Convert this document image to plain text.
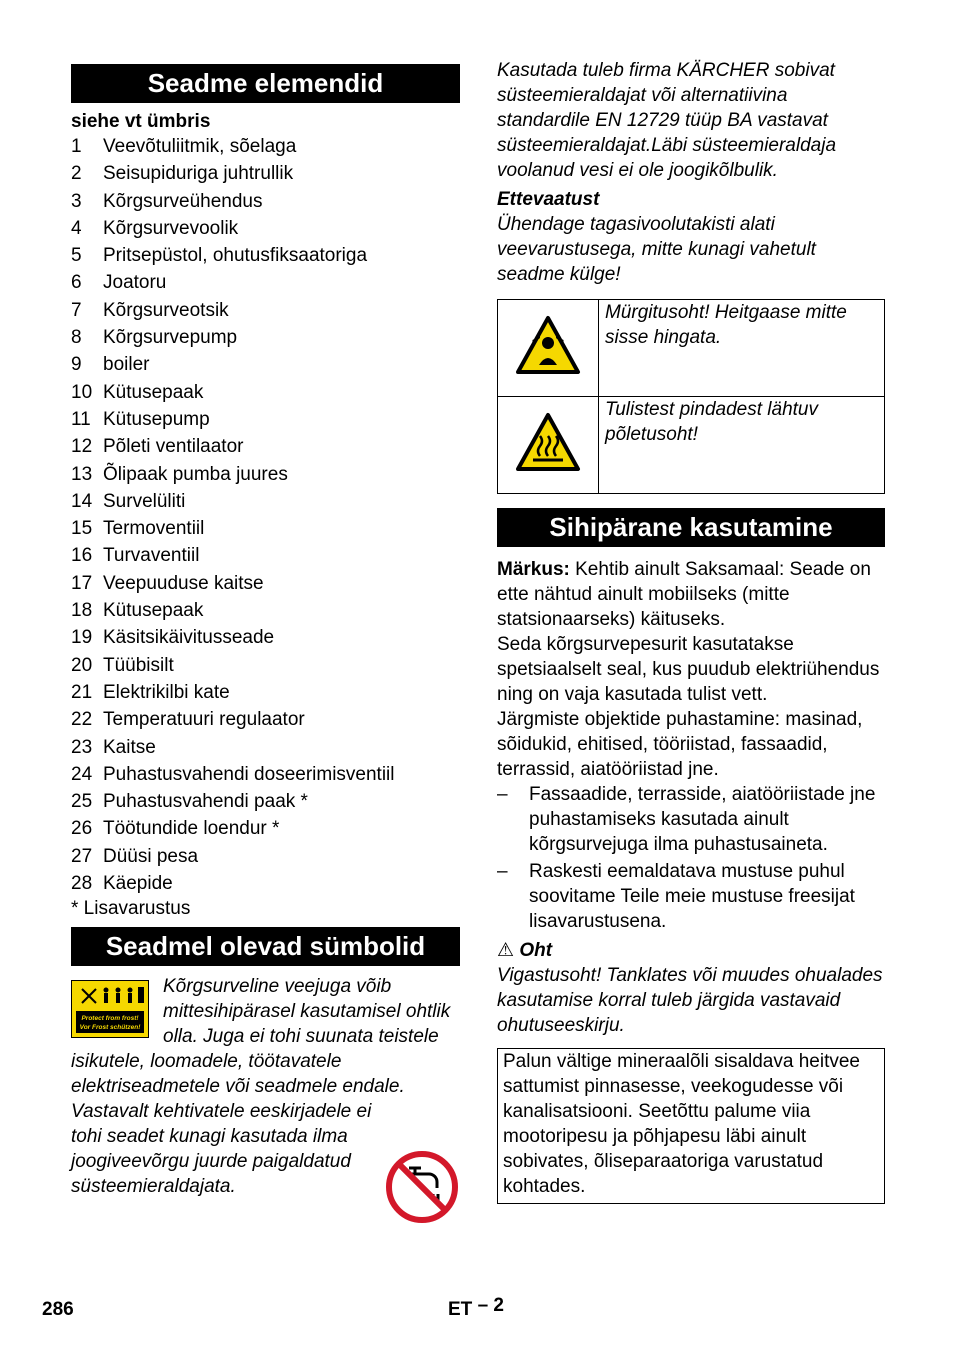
Seadme elemendid
siehe vt ümbris
1	Veevõtuliitmik, sõelaga
2	Seisupiduriga juhtrullik
3	Kõrgsurveühendus
4	Kõrgsurvevoolik
5	Pritsepüstol, ohutusfiksaatoriga
6	Joatoru
7	Kõrgsurveotsik
8	Kõrgsurvepump
9	boiler
10 Kütusepaak
11 Kütusepump
12 Põleti ventilaator
13 Õlipaak pumba juures
14 Survelüliti
15 Termoventiil
16 Turvaventiil
17 Veepuuduse kaitse
18 Kütusepaak
19 Käsitsikäivitusseade
20 Tüübisilt
21 Elektrikilbi kate
22 Temperatuuri regulaator
23 Kaitse
24 Puhastusvahendi doseerimisventiil
25 Puhastusvahendi paak *
26 Töötundide loendur *
27 Düüsi pesa
28 Käepide
* Lisavarustus
Seadmel olevad sümbolid
Protect from frost!
Vor Frost schützen!

Kõrgsurveline veejuga võib mittesihipärasel kasutamisel ohtlik olla. Juga ei tohi suunata teistele isikutele, loomadele, töötavatele elektriseadmetele või seadmele endale.

Vastavalt kehtivatele eeskirjadele ei tohi seadet kunagi kasutada ilma joogiveevõrgu juurde paigaldatud süsteemieraldajata.

Kasutada tuleb firma KÄRCHER sobivat süsteemieraldajat või alternatiivina standardile EN 12729 tüüp BA vastavat süsteemieraldajat.Läbi süsteemieraldaja voolanud vesi ei ole joogikõlbulik.

Ettevaatust

Ühendage tagasivoolutakisti alati veevarustusega, mitte kunagi vahetult seadme külge!

	Mürgitusoht! Heitgaase mitte sisse hingata.
	Tulistest pindadest lähtuv põletusoht!
Sihipärane kasutamine

Märkus: Kehtib ainult Saksamaal: Seade on ette nähtud ainult mobiilseks (mitte statsionaarseks) käituseks.

Seda kõrgsurvepesurit kasutatakse spetsiaalselt seal, kus puudub elektriühendus ning on vaja kasutada tulist vett.

Järgmiste objektide puhastamine: masinad, sõidukid, ehitised, tööriistad, fassaadid, terrassid, aiatööriistad jne.

–	Fassaadide, terrasside, aiatööriistade jne puhastamiseks kasutada ainult kõrgsurvejuga ilma puhastusaineta.
–	Raskesti eemaldatava mustuse puhul soovitame Teile meie mustuse freesijat lisavarustusena.

⚠ Oht

Vigastusoht! Tanklates või muudes ohualades kasutamise korral tuleb järgida vastavaid ohutuseeskirju.

Palun vältige mineraalõli sisaldava heitvee sattumist pinnasesse, veekogudesse või kanalisatsiooni. Seetõttu palume viia mootoripesu ja põhjapesu läbi ainult sobivates, õliseparaatoriga varustatud kohtades.
286	ET – 2
